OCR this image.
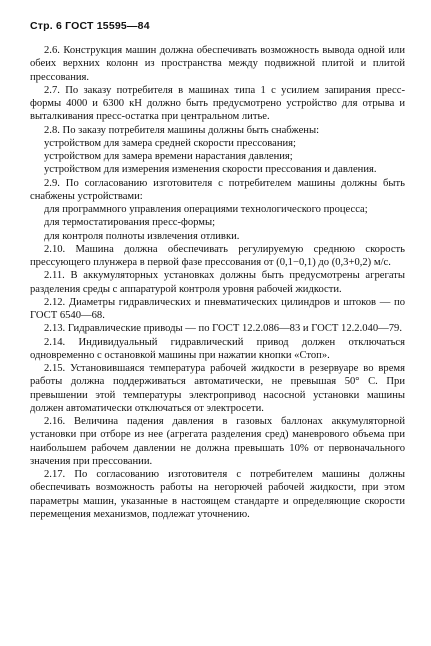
Стр. 6 ГОСТ 15595—84

2.6. Конструкция машин должна обеспечивать возможность вывода одной или обеих верхних колонн из пространства между подвижной плитой и плитой прессования.

2.7. По заказу потребителя в машинах типа 1 с усилием запирания пресс-формы 4000 и 6300 кН должно быть предусмотрено устройство для отрыва и выталкивания пресс-остатка при центральном литье.

2.8. По заказу потребителя машины должны быть снабжены:

устройством для замера средней скорости прессования;

устройством для замера времени нарастания давления;

устройством для измерения изменения скорости прессования и давления.

2.9. По согласованию изготовителя с потребителем машины должны быть снабжены устройствами:

для программного управления операциями технологического процесса;

для термостатирования пресс-формы;

для контроля полноты извлечения отливки.

2.10. Машина должна обеспечивать регулируемую среднюю скорость прессующего плунжера в первой фазе прессования от (0,1−0,1) до (0,3+0,2) м/с.

2.11. В аккумуляторных установках должны быть предусмотрены агрегаты разделения среды с аппаратурой контроля уровня рабочей жидкости.

2.12. Диаметры гидравлических и пневматических цилиндров и штоков — по ГОСТ 6540—68.

2.13. Гидравлические приводы — по ГОСТ 12.2.086—83 и ГОСТ 12.2.040—79.

2.14. Индивидуальный гидравлический привод должен отключаться одновременно с остановкой машины при нажатии кнопки «Стоп».

2.15. Установившаяся температура рабочей жидкости в резервуаре во время работы должна поддерживаться автоматически, не превышая 50° С. При превышении этой температуры электропривод насосной установки машины должен автоматически отключаться от электросети.

2.16. Величина падения давления в газовых баллонах аккумуляторной установки при отборе из нее (агрегата разделения сред) маневрового объема при наибольшем рабочем давлении не должна превышать 10% от первоначального значения при прессовании.

2.17. По согласованию изготовителя с потребителем машины должны обеспечивать возможность работы на негорючей рабочей жидкости, при этом параметры машин, указанные в настоящем стандарте и определяющие скорости перемещения механизмов, подлежат уточнению.
